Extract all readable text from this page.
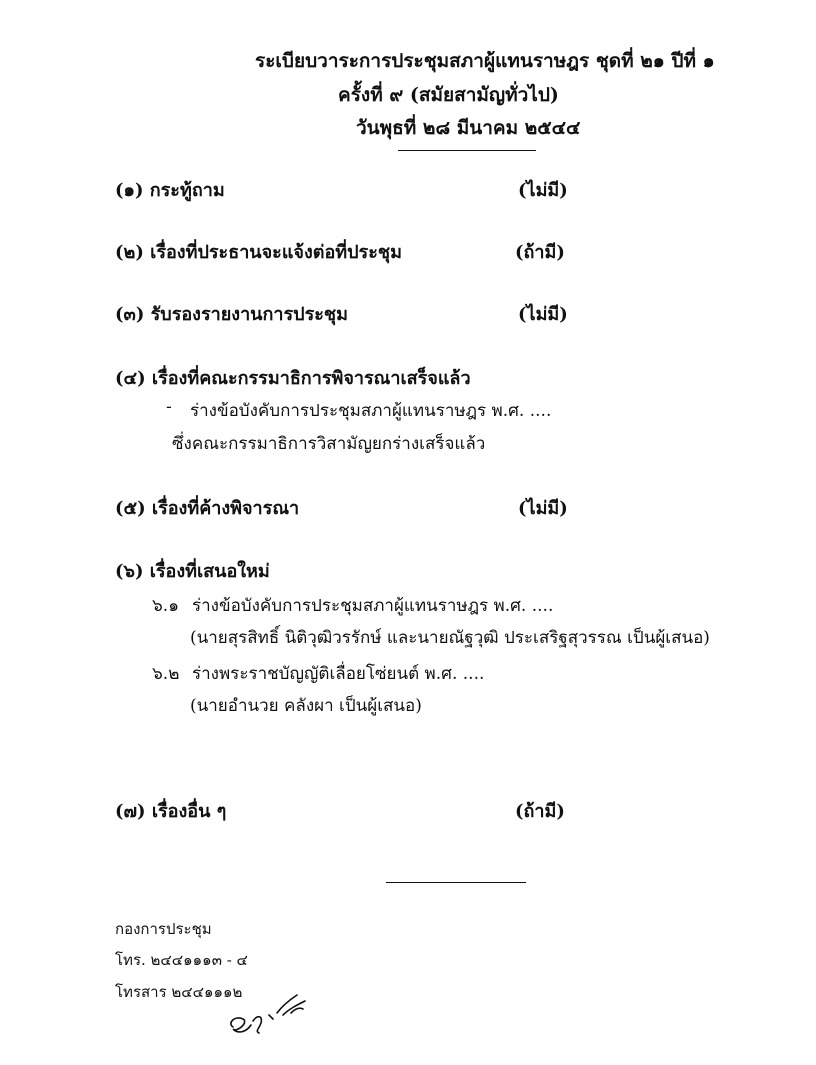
ระเบียบวาระการประชุมสภาผู้แทนราษฎร ชุดที่ ๒๑ ปีที่ ๑
ครั้งที่ ๙ (สมัยสามัญทั่วไป)
วันพุธที่ ๒๘ มีนาคม ๒๕๔๔
(๑) กระทู้ถาม	(ไม่มี)
(๒) เรื่องที่ประธานจะแจ้งต่อที่ประชุม	(ถ้ามี)
(๓) รับรองรายงานการประชุม	(ไม่มี)
(๔) เรื่องที่คณะกรรมาธิการพิจารณาเสร็จแล้ว
- ร่างข้อบังคับการประชุมสภาผู้แทนราษฎร พ.ศ. ....
ซึ่งคณะกรรมาธิการวิสามัญยกร่างเสร็จแล้ว
(๕) เรื่องที่ค้างพิจารณา	(ไม่มี)
(๖) เรื่องที่เสนอใหม่
๖.๑ ร่างข้อบังคับการประชุมสภาผู้แทนราษฎร พ.ศ. ....
(นายสุรสิทธิ์ นิติวุฒิวรรักษ์ และนายณัฐวุฒิ ประเสริฐสุวรรณ เป็นผู้เสนอ)
๖.๒ ร่างพระราชบัญญัติเลื่อยโซ่ยนต์ พ.ศ. ....
(นายอำนวย คลังผา เป็นผู้เสนอ)
(๗) เรื่องอื่น ๆ	(ถ้ามี)
กองการประชุม
โทร. ๒๔๔๑๑๑๓ - ๔
โทรสาร ๒๔๔๑๑๑๒
